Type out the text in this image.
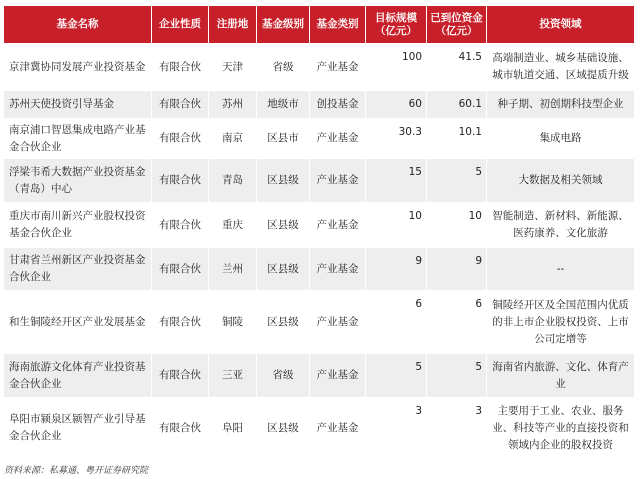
基金名称	企业性质	注册地	基金级别	基金类别	目标规模（亿元）	已到位资金（亿元）	投资领域
京津冀协同发展产业投资基金	有限合伙	天津	省级	产业基金	100	41.5	高端制造业、城乡基础设施、城市轨道交通、区域提质升级
苏州天使投资引导基金	有限合伙	苏州	地级市	创投基金	60	60.1	种子期、初创期科技型企业
南京浦口智恩集成电路产业基金合伙企业	有限合伙	南京	区县市	产业基金	30.3	10.1	集成电路
浮梁韦希大数据产业投资基金（青岛）中心	有限合伙	青岛	区县级	产业基金	15	5	大数据及相关领域
重庆市南川新兴产业股权投资基金合伙企业	有限合伙	重庆	区县级	产业基金	10	10	智能制造、新材料、新能源、医药康养、文化旅游
甘肃省兰州新区产业投资基金合伙企业	有限合伙	兰州	区县级	产业基金	9	9	--
和生铜陵经开区产业发展基金	有限合伙	铜陵	区县级	产业基金	6	6	铜陵经开区及全国范围内优质的非上市企业股权投资、上市公司定增等
海南旅游文化体育产业投资基金合伙企业	有限合伙	三亚	省级	产业基金	5	5	海南省内旅游、文化、体育产业
阜阳市颍泉区颍智产业引导基金合伙企业	有限合伙	阜阳	区县级	产业基金	3	3	主要用于工业、农业、服务业、科技等产业的直接投资和领域内企业的股权投资
资料来源：私募通、粤开证券研究院
